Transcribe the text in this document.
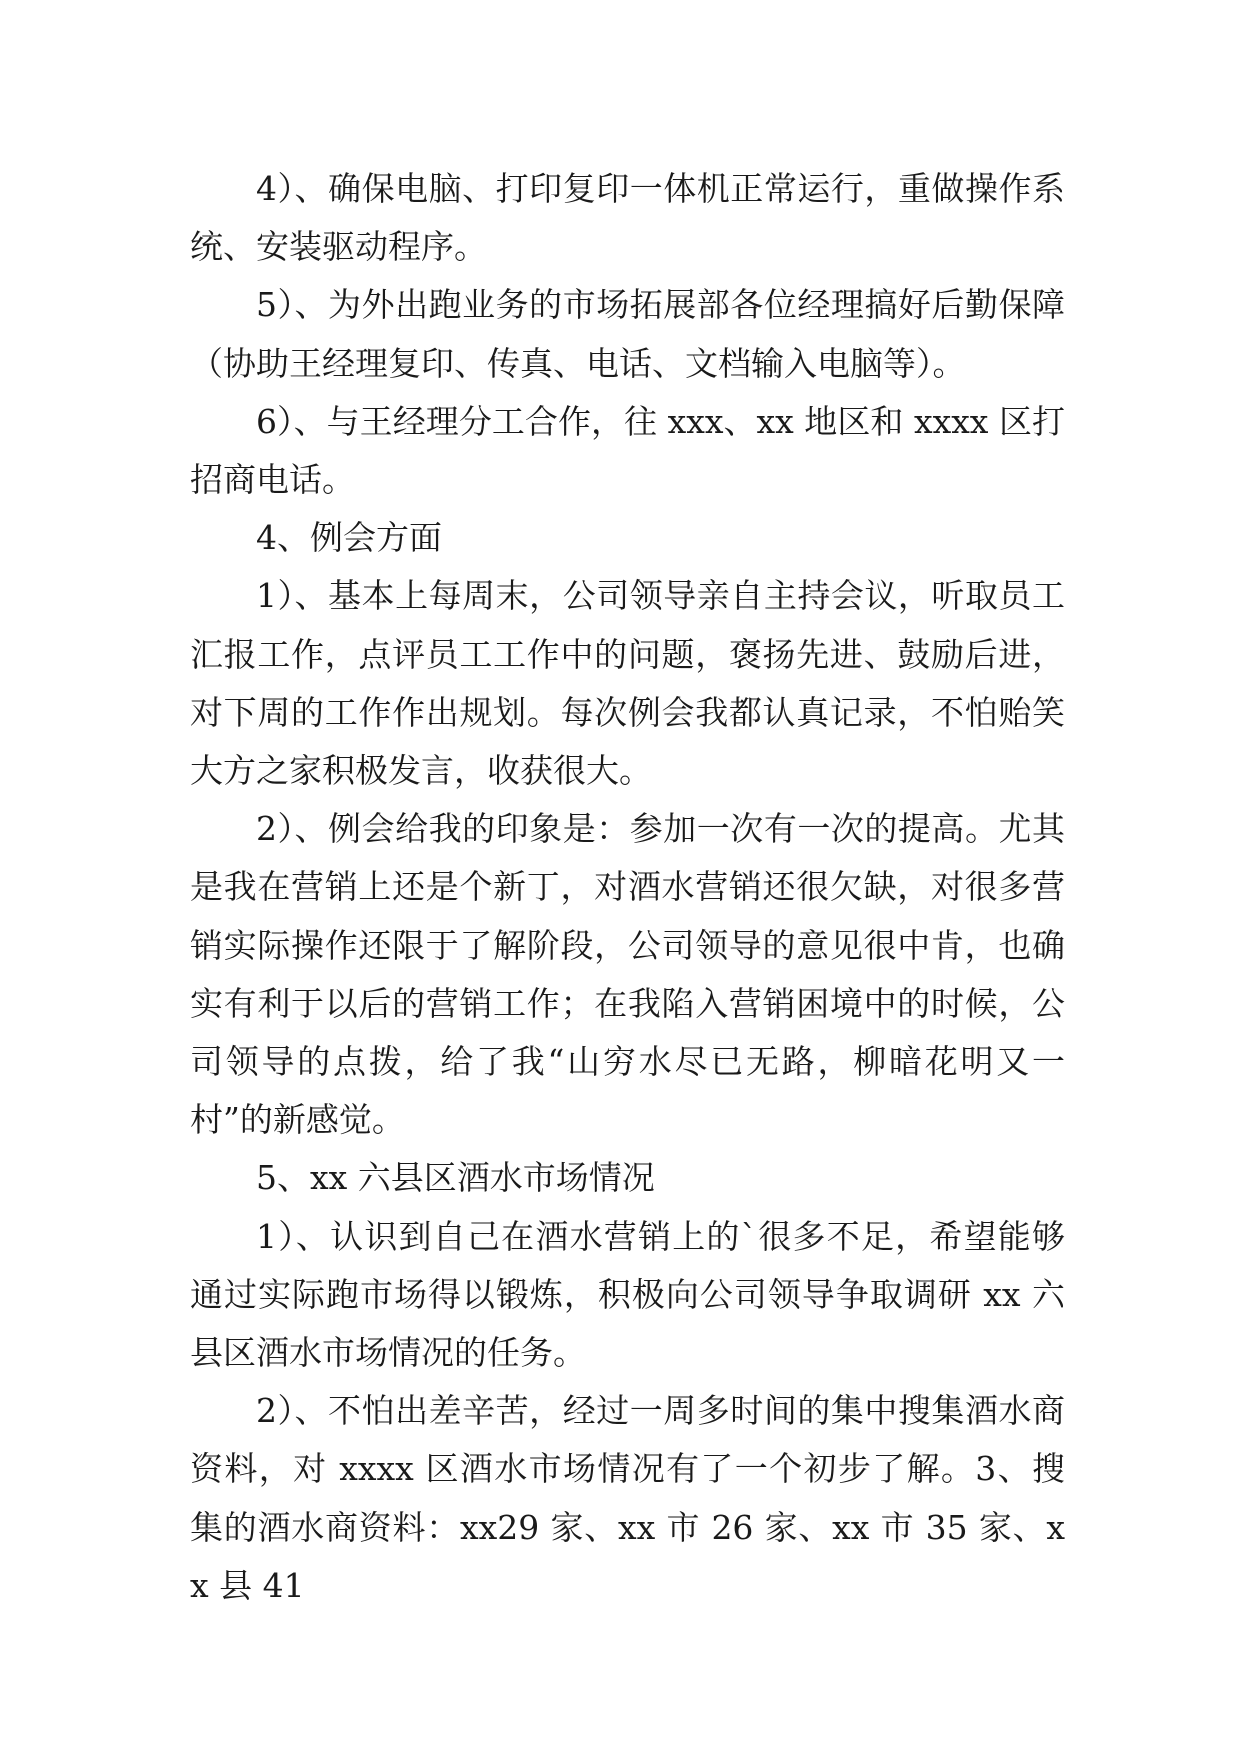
4）、确保电脑、打印复印一体机正常运行，重做操作系统、安装驱动程序。

5）、为外出跑业务的市场拓展部各位经理搞好后勤保障（协助王经理复印、传真、电话、文档输入电脑等）。

6）、与王经理分工合作，往 xxx、xx 地区和 xxxx 区打招商电话。

4、例会方面

1）、基本上每周末，公司领导亲自主持会议，听取员工汇报工作，点评员工工作中的问题，褒扬先进、鼓励后进，对下周的工作作出规划。每次例会我都认真记录，不怕贻笑大方之家积极发言，收获很大。

2）、例会给我的印象是：参加一次有一次的提高。尤其是我在营销上还是个新丁，对酒水营销还很欠缺，对很多营销实际操作还限于了解阶段，公司领导的意见很中肯，也确实有利于以后的营销工作；在我陷入营销困境中的时候，公司领导的点拨，给了我“山穷水尽已无路，柳暗花明又一村”的新感觉。

5、xx 六县区酒水市场情况

1）、认识到自己在酒水营销上的`很多不足，希望能够通过实际跑市场得以锻炼，积极向公司领导争取调研 xx 六县区酒水市场情况的任务。

2）、不怕出差辛苦，经过一周多时间的集中搜集酒水商资料，对 xxxx 区酒水市场情况有了一个初步了解。3、搜集的酒水商资料：xx29 家、xx 市 26 家、xx 市 35 家、xx 县 41
